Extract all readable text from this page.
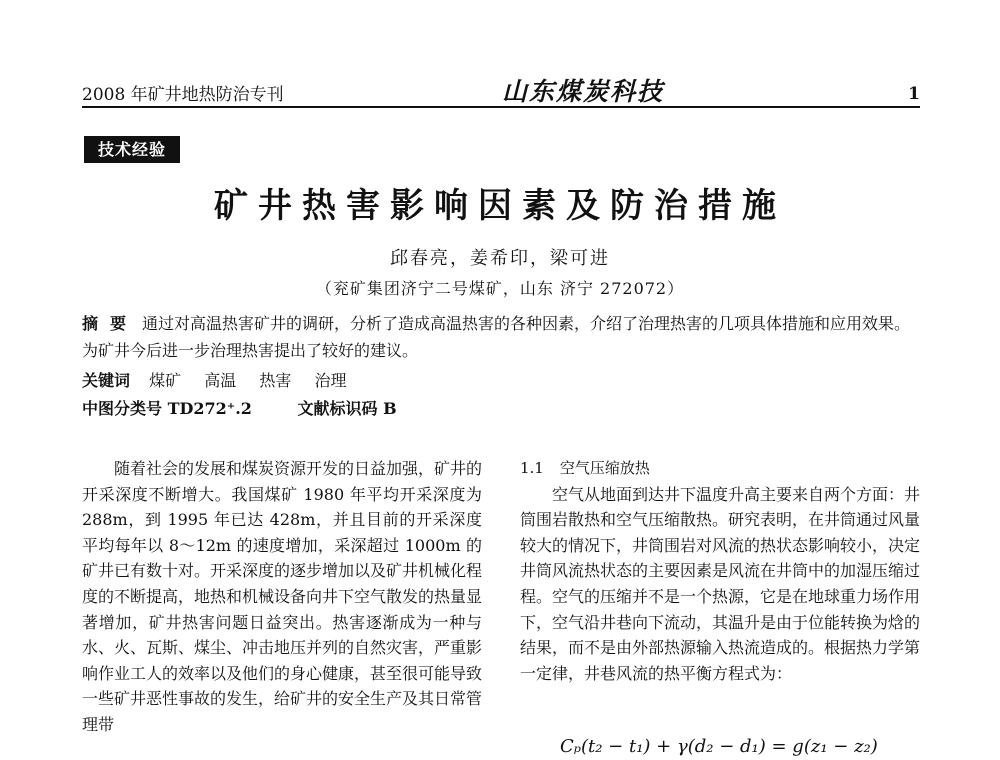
2008 年矿井地热防治专刊	山东煤炭科技	1
技术经验
矿井热害影响因素及防治措施
邱春亮，姜希印，梁可进
（兖矿集团济宁二号煤矿，山东 济宁 272072）
摘要 通过对高温热害矿井的调研，分析了造成高温热害的各种因素，介绍了治理热害的几项具体措施和应用效果。为矿井今后进一步治理热害提出了较好的建议。
关键词 煤矿 高温 热害 治理
中图分类号 TD272⁺.2	文献标识码 B

随着社会的发展和煤炭资源开发的日益加强，矿井的开采深度不断增大。我国煤矿 1980 年平均开采深度为 288m，到 1995 年已达 428m，并且目前的开采深度平均每年以 8～12m 的速度增加，采深超过 1000m 的矿井已有数十对。开采深度的逐步增加以及矿井机械化程度的不断提高，地热和机械设备向井下空气散发的热量显著增加，矿井热害问题日益突出。热害逐渐成为一种与水、火、瓦斯、煤尘、冲击地压并列的自然灾害，严重影响作业工人的效率以及他们的身心健康，甚至很可能导致一些矿井恶性事故的发生，给矿井的安全生产及其日常管理带

1.1 空气压缩放热

空气从地面到达井下温度升高主要来自两个方面：井筒围岩散热和空气压缩散热。研究表明，在井筒通过风量较大的情况下，井筒围岩对风流的热状态影响较小，决定井筒风流热状态的主要因素是风流在井筒中的加湿压缩过程。空气的压缩并不是一个热源，它是在地球重力场作用下，空气沿井巷向下流动，其温升是由于位能转换为焓的结果，而不是由外部热源输入热流造成的。根据热力学第一定律，井巷风流的热平衡方程式为：

Cₚ(t₂ − t₁) + γ(d₂ − d₁) = g(z₁ − z₂)
